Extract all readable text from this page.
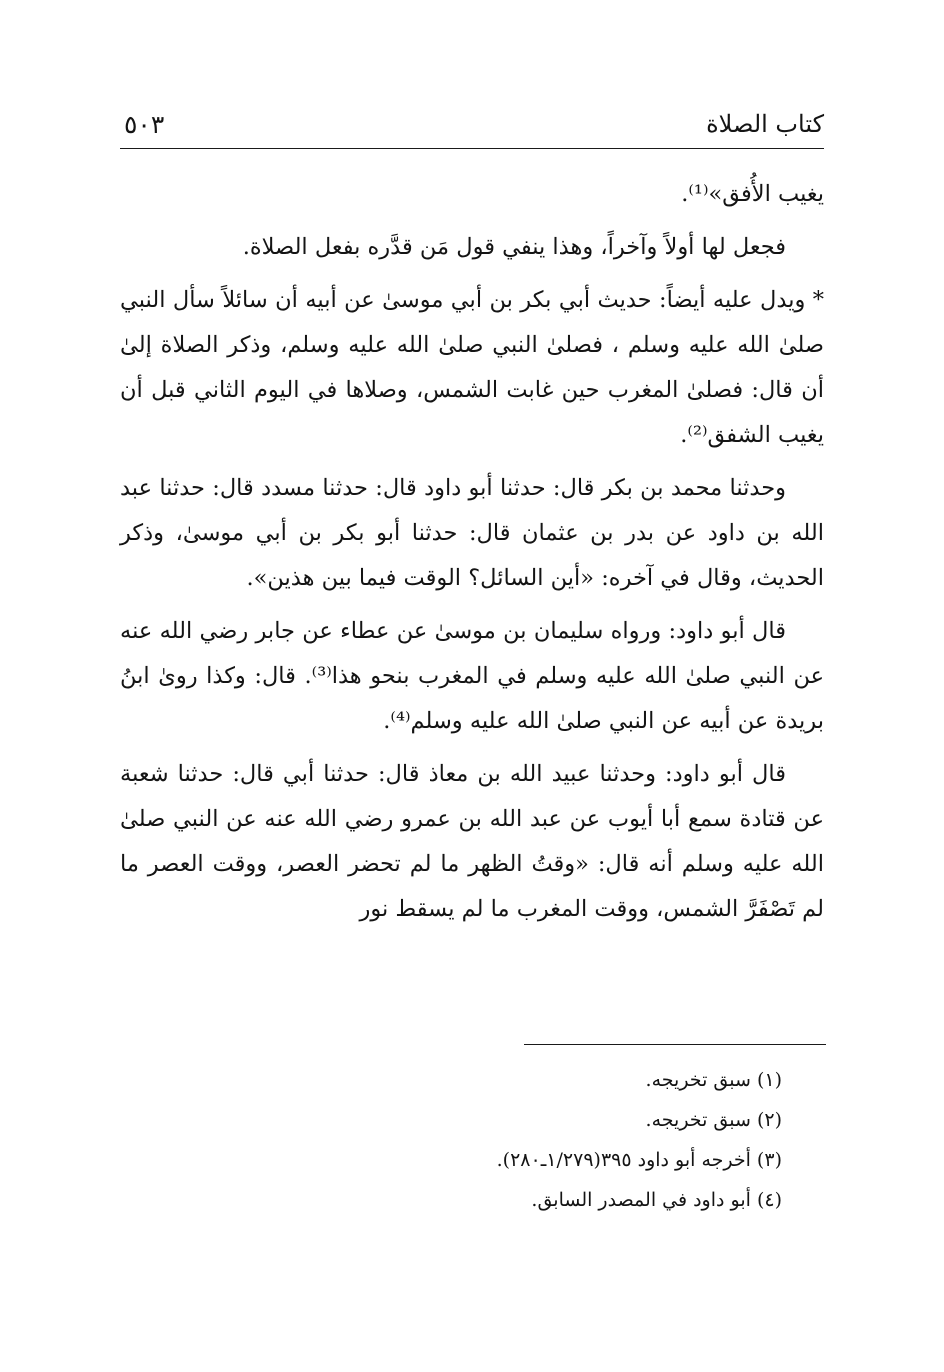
كتاب الصلاة
٥٠٣

يغيب الأُفق»⁽¹⁾.

فجعل لها أولاً وآخراً، وهذا ينفي قول مَن قدَّره بفعل الصلاة.

* ويدل عليه أيضاً: حديث أبي بكر بن أبي موسىٰ عن أبيه أن سائلاً سأل النبي صلىٰ الله عليه وسلم ، فصلىٰ النبي صلىٰ الله عليه وسلم، وذكر الصلاة إلىٰ أن قال: فصلىٰ المغرب حين غابت الشمس، وصلاها في اليوم الثاني قبل أن يغيب الشفق⁽²⁾.

وحدثنا محمد بن بكر قال: حدثنا أبو داود قال: حدثنا مسدد قال: حدثنا عبد الله بن داود عن بدر بن عثمان قال: حدثنا أبو بكر بن أبي موسىٰ، وذكر الحديث، وقال في آخره: «أين السائل؟ الوقت فيما بين هذين».

قال أبو داود: ورواه سليمان بن موسىٰ عن عطاء عن جابر رضي الله عنه عن النبي صلىٰ الله عليه وسلم في المغرب بنحو هذا⁽³⁾. قال: وكذا روىٰ ابنُ بريدة عن أبيه عن النبي صلىٰ الله عليه وسلم⁽⁴⁾.

قال أبو داود: وحدثنا عبيد الله بن معاذ قال: حدثنا أبي قال: حدثنا شعبة عن قتادة سمع أبا أيوب عن عبد الله بن عمرو رضي الله عنه عن النبي صلىٰ الله عليه وسلم أنه قال: «وقتُ الظهر ما لم تحضر العصر، ووقت العصر ما لم تَصْفَرَّ الشمس، ووقت المغرب ما لم يسقط نور

(١) سبق تخريجه.

(٢) سبق تخريجه.

(٣) أخرجه أبو داود ٣٩٥(١/٢٧٩ـ٢٨٠).

(٤) أبو داود في المصدر السابق.
